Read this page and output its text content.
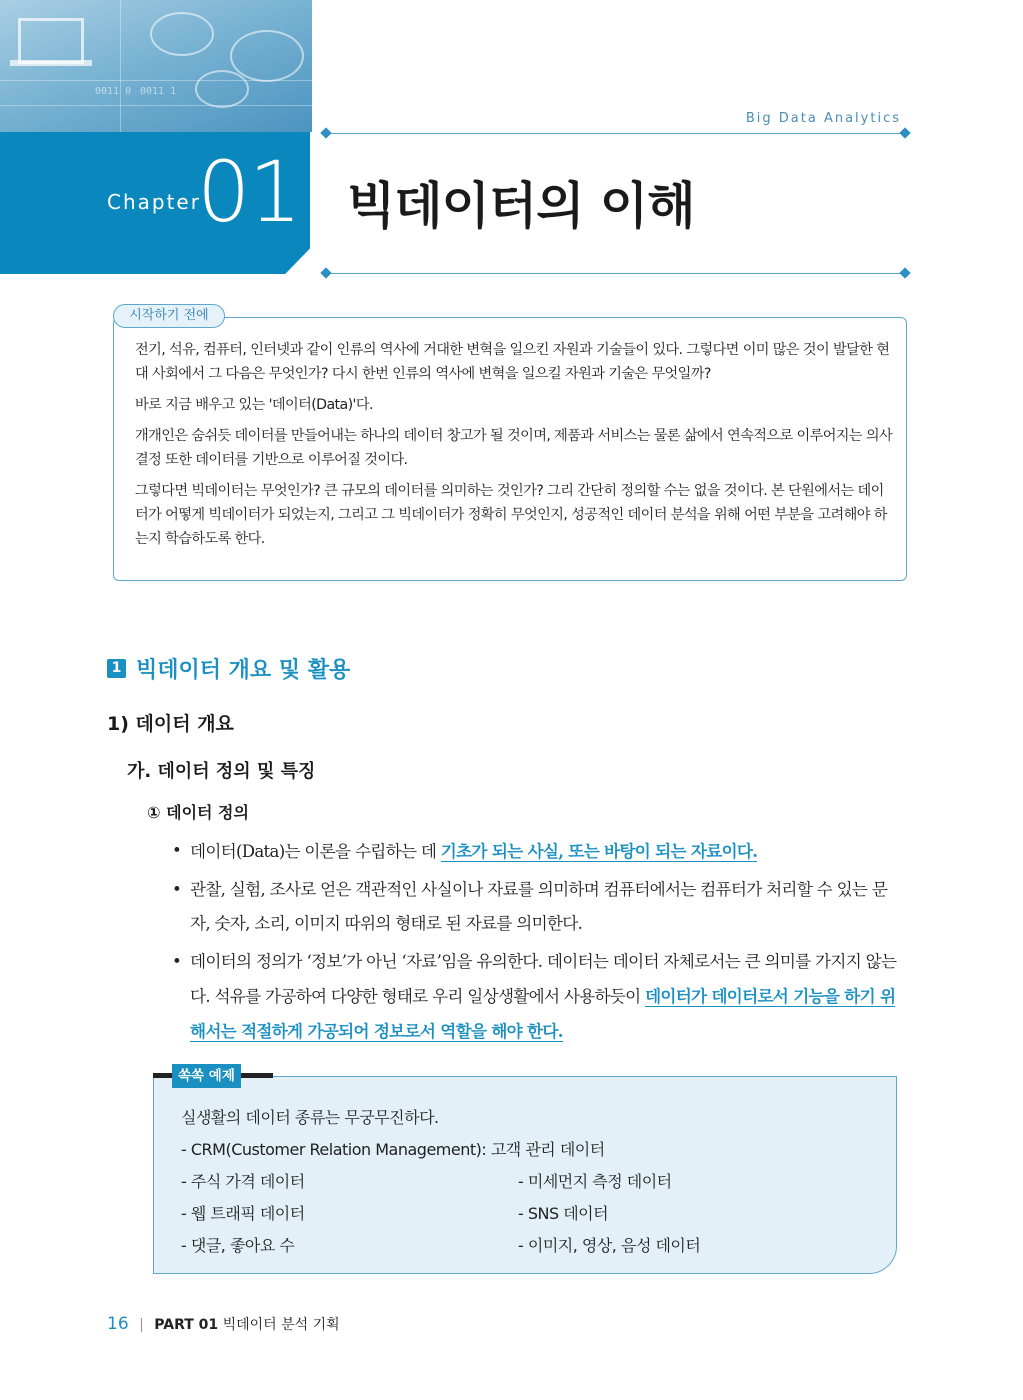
0011 0 0011 1
Chapter
01
Big Data Analytics
빅데이터의 이해
시작하기 전에

전기, 석유, 컴퓨터, 인터넷과 같이 인류의 역사에 거대한 변혁을 일으킨 자원과 기술들이 있다. 그렇다면 이미 많은 것이 발달한 현대 사회에서 그 다음은 무엇인가? 다시 한번 인류의 역사에 변혁을 일으킬 자원과 기술은 무엇일까?

바로 지금 배우고 있는 '데이터(Data)'다.

개개인은 숨쉬듯 데이터를 만들어내는 하나의 데이터 창고가 될 것이며, 제품과 서비스는 물론 삶에서 연속적으로 이루어지는 의사결정 또한 데이터를 기반으로 이루어질 것이다.

그렇다면 빅데이터는 무엇인가? 큰 규모의 데이터를 의미하는 것인가? 그리 간단히 정의할 수는 없을 것이다. 본 단원에서는 데이터가 어떻게 빅데이터가 되었는지, 그리고 그 빅데이터가 정확히 무엇인지, 성공적인 데이터 분석을 위해 어떤 부분을 고려해야 하는지 학습하도록 한다.

1 빅데이터 개요 및 활용
1) 데이터 개요
가. 데이터 정의 및 특징
① 데이터 정의
• 데이터(Data)는 이론을 수립하는 데 기초가 되는 사실, 또는 바탕이 되는 자료이다.
• 관찰, 실험, 조사로 얻은 객관적인 사실이나 자료를 의미하며 컴퓨터에서는 컴퓨터가 처리할 수 있는 문자, 숫자, 소리, 이미지 따위의 형태로 된 자료를 의미한다.
• 데이터의 정의가 ‘정보’가 아닌 ‘자료’임을 유의한다. 데이터는 데이터 자체로서는 큰 의미를 가지지 않는다. 석유를 가공하여 다양한 형태로 우리 일상생활에서 사용하듯이 데이터가 데이터로서 기능을 하기 위해서는 적절하게 가공되어 정보로서 역할을 해야 한다.
쏙쏙 예제
실생활의 데이터 종류는 무궁무진하다.
- CRM(Customer Relation Management): 고객 관리 데이터
- 주식 가격 데이터	- 미세먼지 측정 데이터
- 웹 트래픽 데이터	- SNS 데이터
- 댓글, 좋아요 수	- 이미지, 영상, 음성 데이터
16 | PART 01 빅데이터 분석 기획
